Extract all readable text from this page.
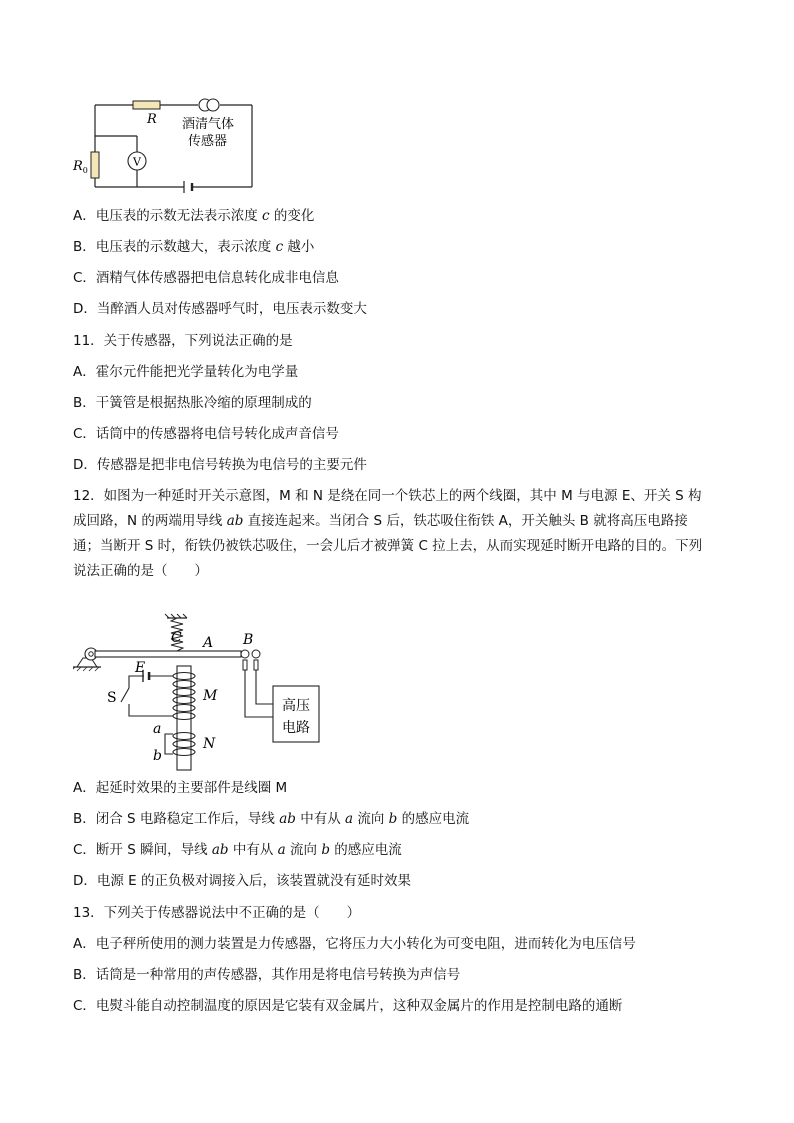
V
R
$R_0$
酒清气体
传感器
A．电压表的示数无法表示浓度 c 的变化
B．电压表的示数越大，表示浓度 c 越小
C．酒精气体传感器把电信息转化成非电信息
D．当醉酒人员对传感器呼气时，电压表示数变大
11．关于传感器，下列说法正确的是
A．霍尔元件能把光学量转化为电学量
B．干簧管是根据热胀冷缩的原理制成的
C．话筒中的传感器将电信号转化成声音信号
D．传感器是把非电信号转换为电信号的主要元件
12．如图为一种延时开关示意图，M 和 N 是绕在同一个铁芯上的两个线圈，其中 M 与电源 E、开关 S 构
成回路，N 的两端用导线 ab 直接连起来。当闭合 S 后，铁芯吸住衔铁 A，开关触头 B 就将高压电路接
通；当断开 S 时，衔铁仍被铁芯吸住，一会儿后才被弹簧 C 拉上去，从而实现延时断开电路的目的。下列
说法正确的是（　　）
高压
电路
C A B
E
S	M
N
a
b
A．起延时效果的主要部件是线圈 M
B．闭合 S 电路稳定工作后，导线 ab 中有从 a 流向 b 的感应电流
C．断开 S 瞬间，导线 ab 中有从 a 流向 b 的感应电流
D．电源 E 的正负极对调接入后，该装置就没有延时效果
13．下列关于传感器说法中不正确的是（　　）
A．电子秤所使用的测力装置是力传感器，它将压力大小转化为可变电阻，进而转化为电压信号
B．话筒是一种常用的声传感器，其作用是将电信号转换为声信号
C．电熨斗能自动控制温度的原因是它装有双金属片，这种双金属片的作用是控制电路的通断
